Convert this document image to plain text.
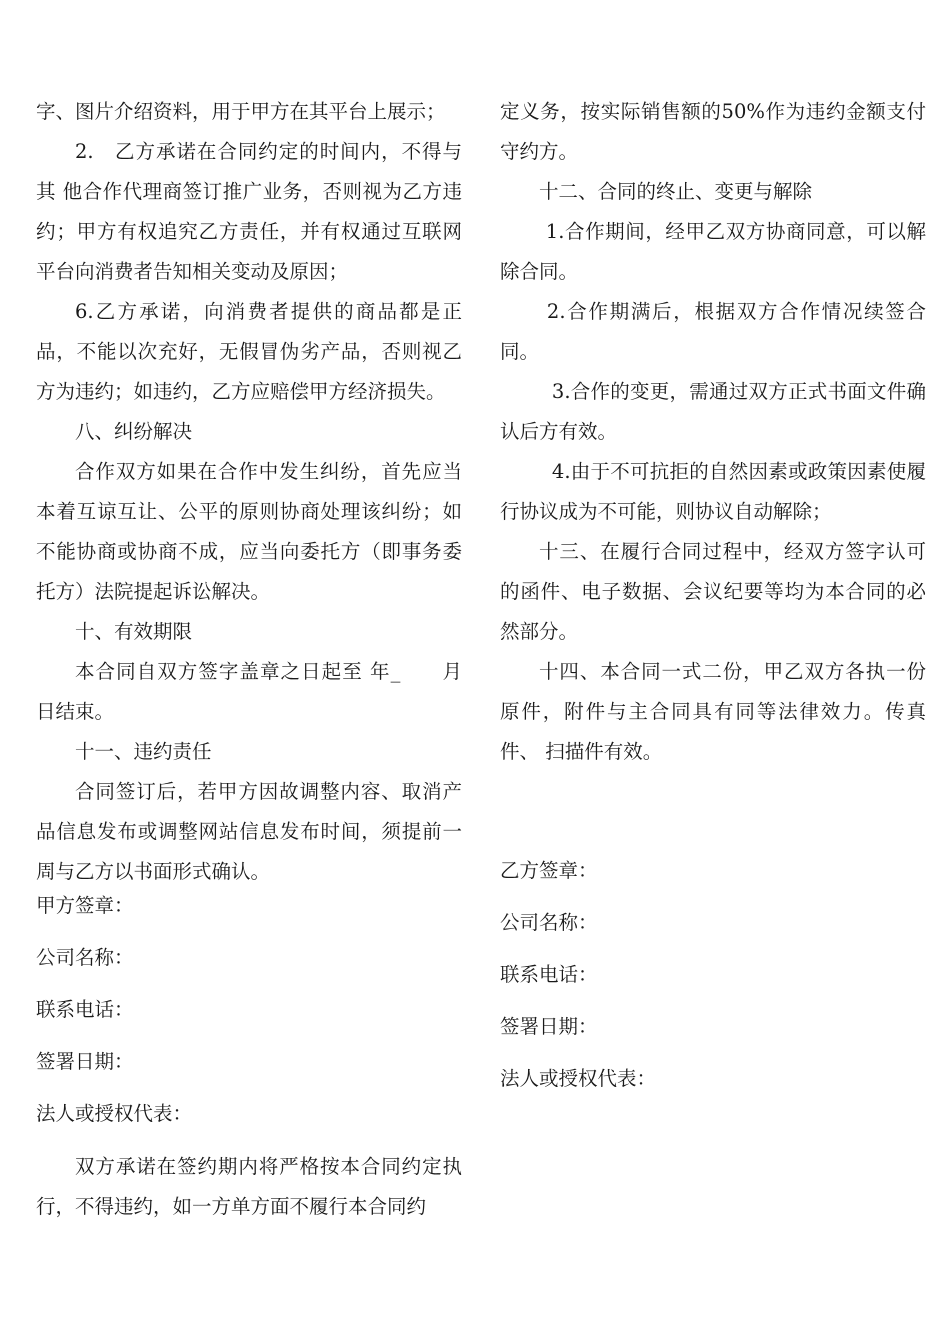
字、图片介绍资料，用于甲方在其平台上展示；

2.　乙方承诺在合同约定的时间内，不得与其 他合作代理商签订推广业务，否则视为乙方违 约；甲方有权追究乙方责任，并有权通过互联网 平台向消费者告知相关变动及原因；

6.乙方承诺，向消费者提供的商品都是正品，不能以次充好，无假冒伪劣产品，否则视乙方为违约；如违约，乙方应赔偿甲方经济损失。

八、纠纷解决

合作双方如果在合作中发生纠纷，首先应当 本着互谅互让、公平的原则协商处理该纠纷；如 不能协商或协商不成，应当向委托方（即事务委 托方）法院提起诉讼解决。

十、有效期限

本合同自双方签字盖章之日起至 年_　　月 日结束。

十一、违约责任

合同签订后，若甲方因故调整内容、取消产 品信息发布或调整网站信息发布时间，须提前一 周与乙方以书面形式确认。

定义务，按实际销售额的50%作为违约金额支付守约方。

十二、合同的终止、变更与解除

1.合作期间，经甲乙双方协商同意，可以解除合同。

2.合作期满后，根据双方合作情况续签合同。

3.合作的变更，需通过双方正式书面文件确认后方有效。

4.由于不可抗拒的自然因素或政策因素使履行协议成为不可能，则协议自动解除；

十三、在履行合同过程中，经双方签字认可的函件、电子数据、会议纪要等均为本合同的必然部分。

十四、本合同一式二份，甲乙双方各执一份原件，附件与主合同具有同等法律效力。传真件、 扫描件有效。

甲方签章：

公司名称：

联系电话：

签署日期：

法人或授权代表：

乙方签章：

公司名称：

联系电话：

签署日期：

法人或授权代表：

双方承诺在签约期内将严格按本合同约定执行，不得违约，如一方单方面不履行本合同约
